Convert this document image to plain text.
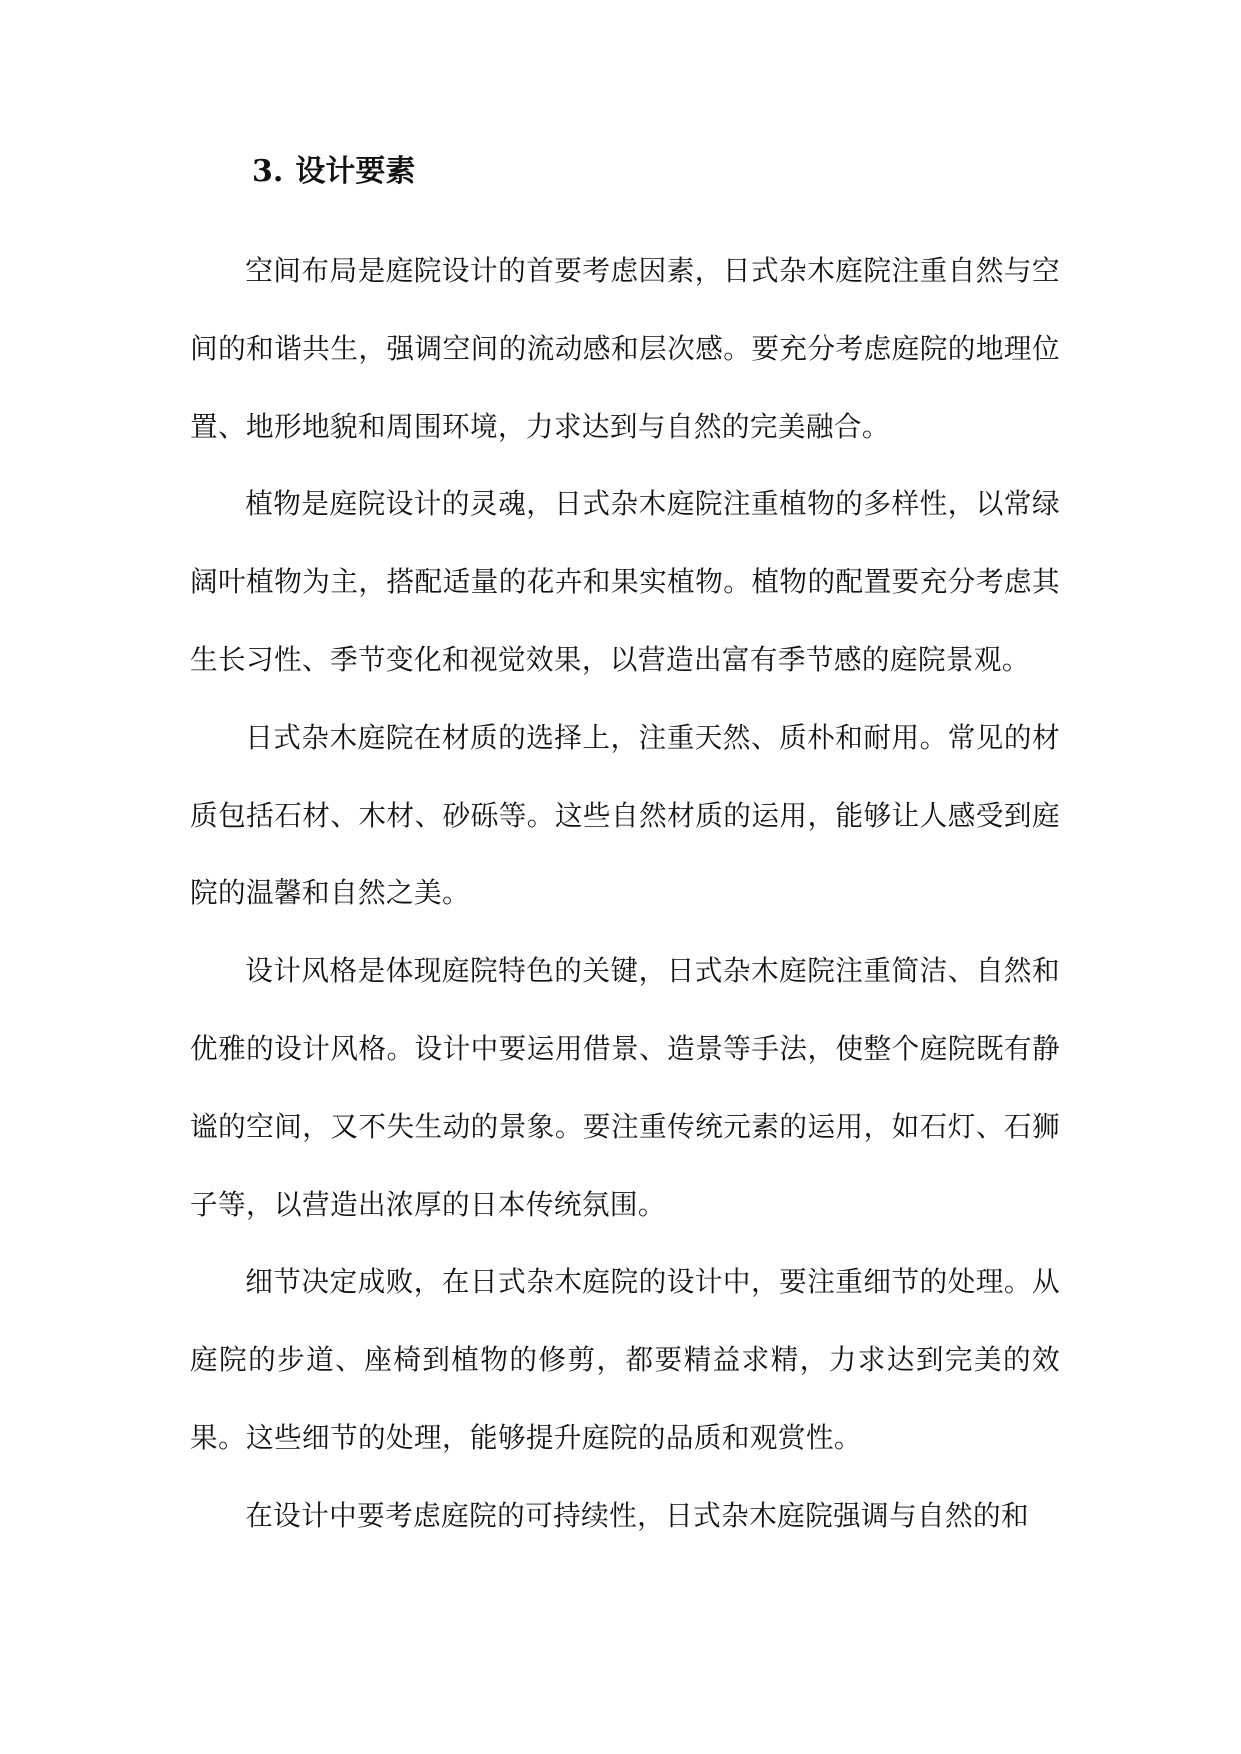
3. 设计要素

空间布局是庭院设计的首要考虑因素，日式杂木庭院注重自然与空间的和谐共生，强调空间的流动感和层次感。要充分考虑庭院的地理位置、地形地貌和周围环境，力求达到与自然的完美融合。

植物是庭院设计的灵魂，日式杂木庭院注重植物的多样性，以常绿阔叶植物为主，搭配适量的花卉和果实植物。植物的配置要充分考虑其生长习性、季节变化和视觉效果，以营造出富有季节感的庭院景观。

日式杂木庭院在材质的选择上，注重天然、质朴和耐用。常见的材质包括石材、木材、砂砾等。这些自然材质的运用，能够让人感受到庭院的温馨和自然之美。

设计风格是体现庭院特色的关键，日式杂木庭院注重简洁、自然和优雅的设计风格。设计中要运用借景、造景等手法，使整个庭院既有静谧的空间，又不失生动的景象。要注重传统元素的运用，如石灯、石狮子等，以营造出浓厚的日本传统氛围。

细节决定成败，在日式杂木庭院的设计中，要注重细节的处理。从庭院的步道、座椅到植物的修剪，都要精益求精，力求达到完美的效果。这些细节的处理，能够提升庭院的品质和观赏性。

在设计中要考虑庭院的可持续性，日式杂木庭院强调与自然的和
